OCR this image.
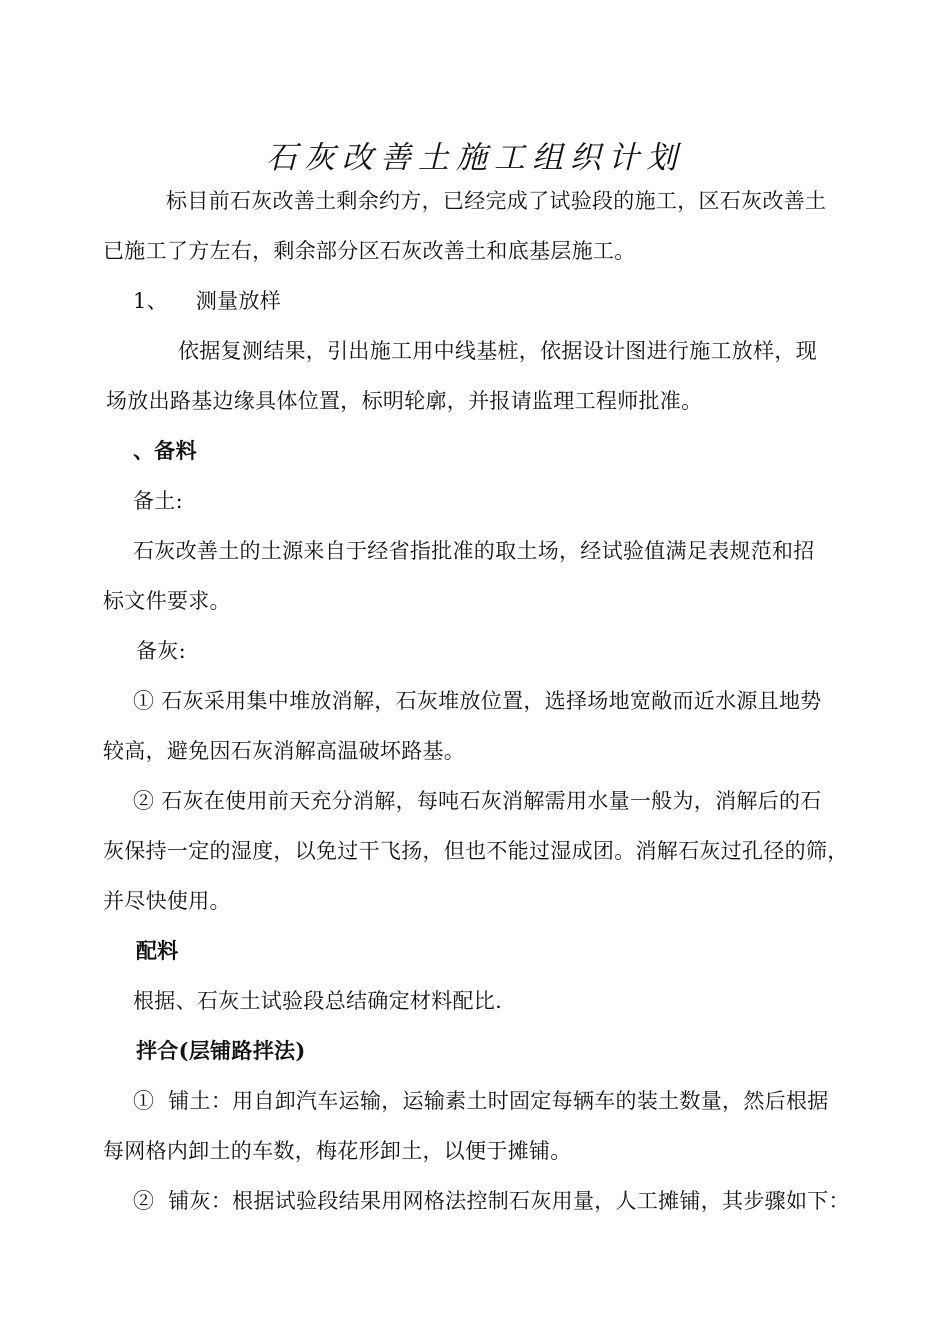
石灰改善土施工组织计划
标目前石灰改善土剩余约方，已经完成了试验段的施工，区石灰改善土
已施工了方左右，剩余部分区石灰改善土和底基层施工。
1、    测量放样
依据复测结果，引出施工用中线基桩，依据设计图进行施工放样，现
场放出路基边缘具体位置，标明轮廓，并报请监理工程师批准。
、备料
备土:
石灰改善土的土源来自于经省指批准的取土场，经试验值满足表规范和招
标文件要求。
备灰:
① 石灰采用集中堆放消解，石灰堆放位置，选择场地宽敞而近水源且地势
较高，避免因石灰消解高温破坏路基。
② 石灰在使用前天充分消解，每吨石灰消解需用水量一般为，消解后的石
灰保持一定的湿度，以免过干飞扬，但也不能过湿成团。消解石灰过孔径的筛，
并尽快使用。
配料
根据、石灰土试验段总结确定材料配比.
拌合(层铺路拌法)
①  铺土：用自卸汽车运输，运输素土时固定每辆车的装土数量，然后根据
每网格内卸土的车数，梅花形卸土，以便于摊铺。
②  铺灰：根据试验段结果用网格法控制石灰用量，人工摊铺，其步骤如下：
